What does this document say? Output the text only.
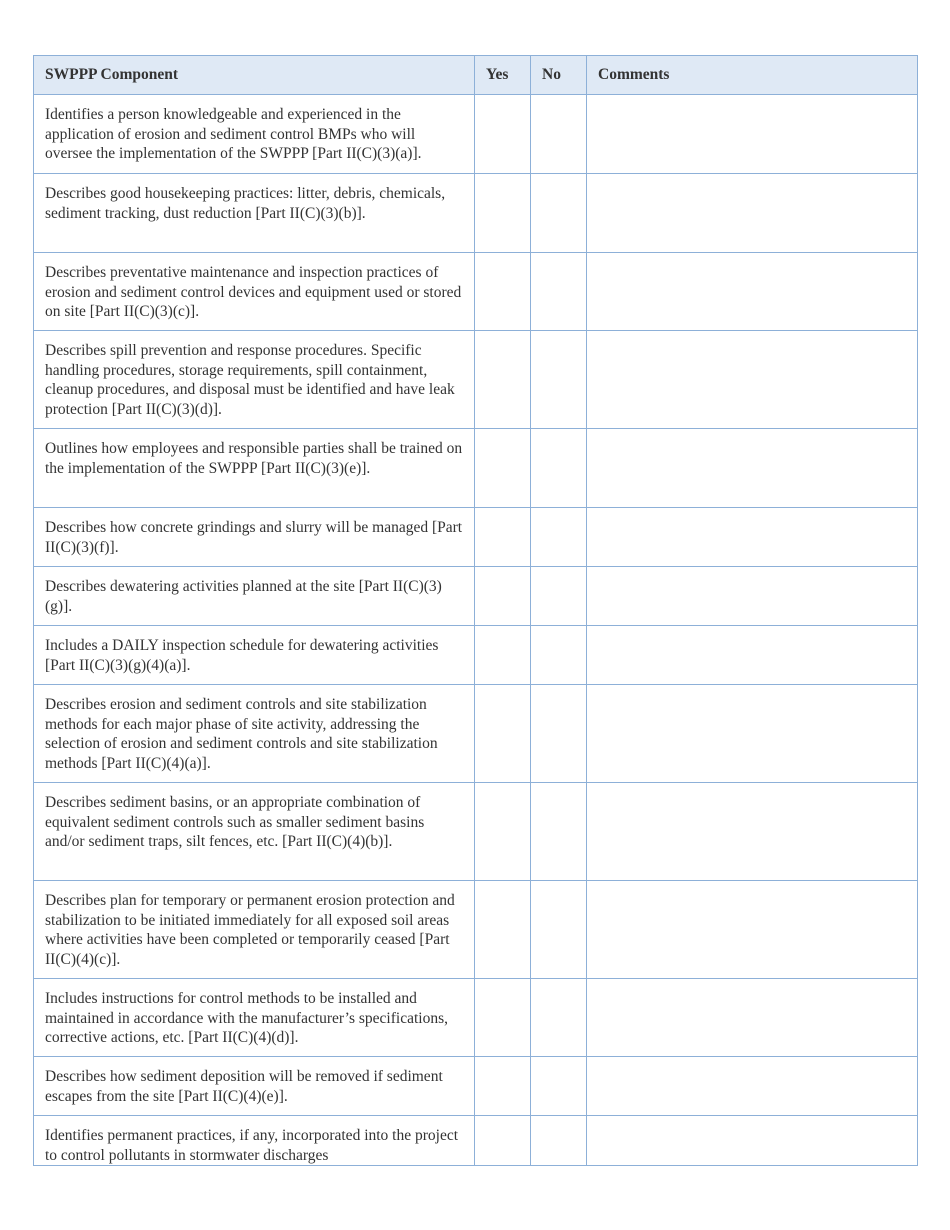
SWPPP Component	Yes	No	Comments
Identifies a person knowledgeable and experienced in the application of erosion and sediment control BMPs who will oversee the implementation of the SWPPP [Part II(C)(3)(a)].			
Describes good housekeeping practices: litter, debris, chemicals, sediment tracking, dust reduction [Part II(C)(3)(b)].			
Describes preventative maintenance and inspection practices of erosion and sediment control devices and equipment used or stored on site [Part II(C)(3)(c)].			
Describes spill prevention and response procedures. Specific handling procedures, storage requirements, spill containment, cleanup procedures, and disposal must be identified and have leak protection [Part II(C)(3)(d)].			
Outlines how employees and responsible parties shall be trained on the implementation of the SWPPP [Part II(C)(3)(e)].			
Describes how concrete grindings and slurry will be managed [Part II(C)(3)(f)].			
Describes dewatering activities planned at the site [Part II(C)(3)(g)].			
Includes a DAILY inspection schedule for dewatering activities [Part II(C)(3)(g)(4)(a)].			
Describes erosion and sediment controls and site stabilization methods for each major phase of site activity, addressing the selection of erosion and sediment controls and site stabilization methods [Part II(C)(4)(a)].			
Describes sediment basins, or an appropriate combination of equivalent sediment controls such as smaller sediment basins and/or sediment traps, silt fences, etc. [Part II(C)(4)(b)].			
Describes plan for temporary or permanent erosion protection and stabilization to be initiated immediately for all exposed soil areas where activities have been completed or temporarily ceased [Part II(C)(4)(c)].			
Includes instructions for control methods to be installed and maintained in accordance with the manufacturer’s specifications, corrective actions, etc. [Part II(C)(4)(d)].			
Describes how sediment deposition will be removed if sediment escapes from the site [Part II(C)(4)(e)].			

Identifies permanent practices, if any, incorporated into the project to control pollutants in stormwater discharges			
